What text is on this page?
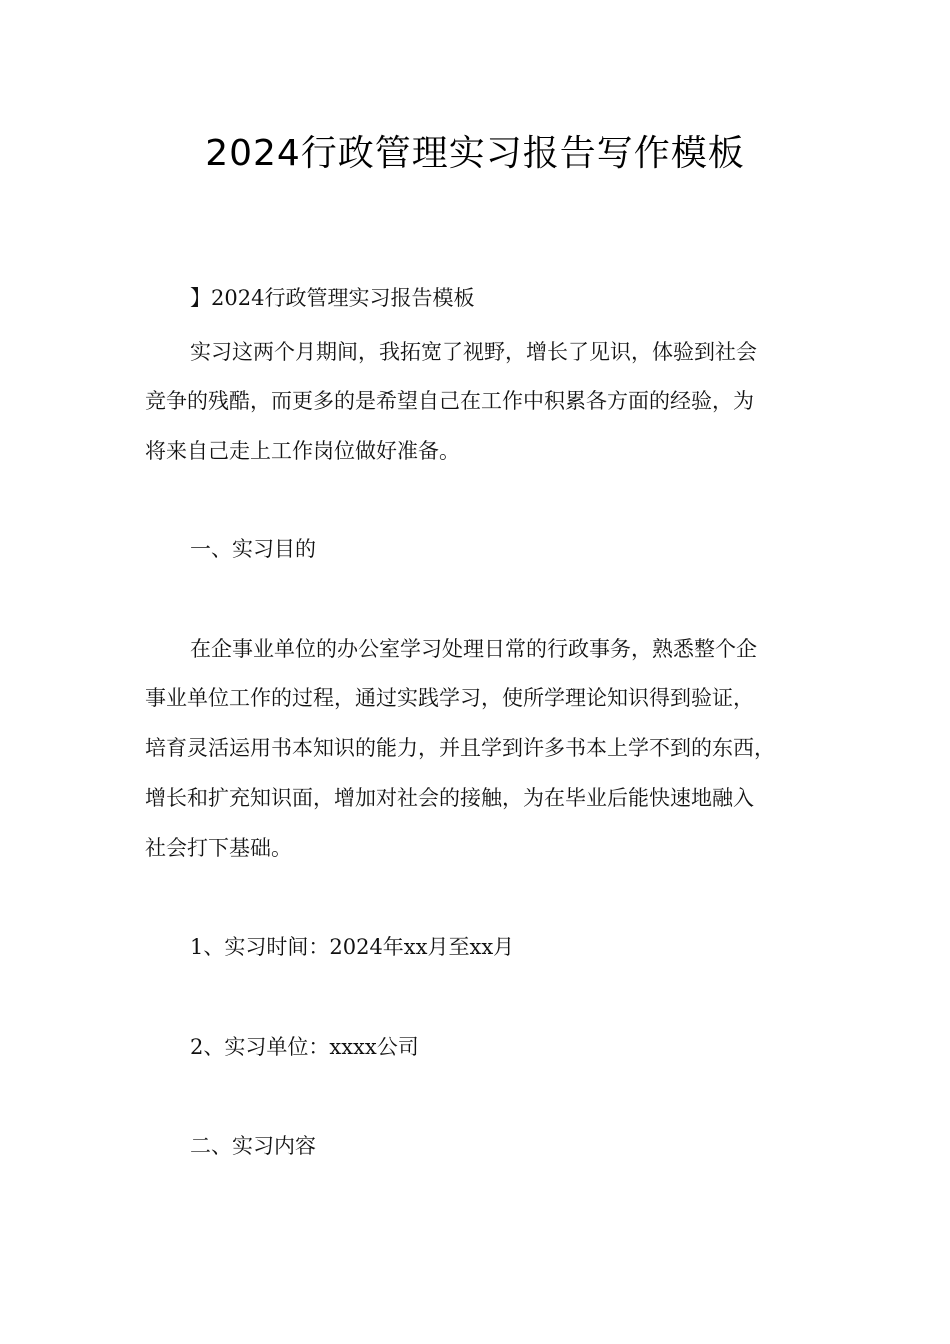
2024行政管理实习报告写作模板
】2024行政管理实习报告模板
实习这两个月期间，我拓宽了视野，增长了见识，体验到社会
竞争的残酷，而更多的是希望自己在工作中积累各方面的经验，为
将来自己走上工作岗位做好准备。
一、实习目的
在企事业单位的办公室学习处理日常的行政事务，熟悉整个企
事业单位工作的过程，通过实践学习，使所学理论知识得到验证，
培育灵活运用书本知识的能力，并且学到许多书本上学不到的东西，
增长和扩充知识面，增加对社会的接触，为在毕业后能快速地融入
社会打下基础。
1、实习时间：2024年xx月至xx月
2、实习单位：xxxx公司
二、实习内容
